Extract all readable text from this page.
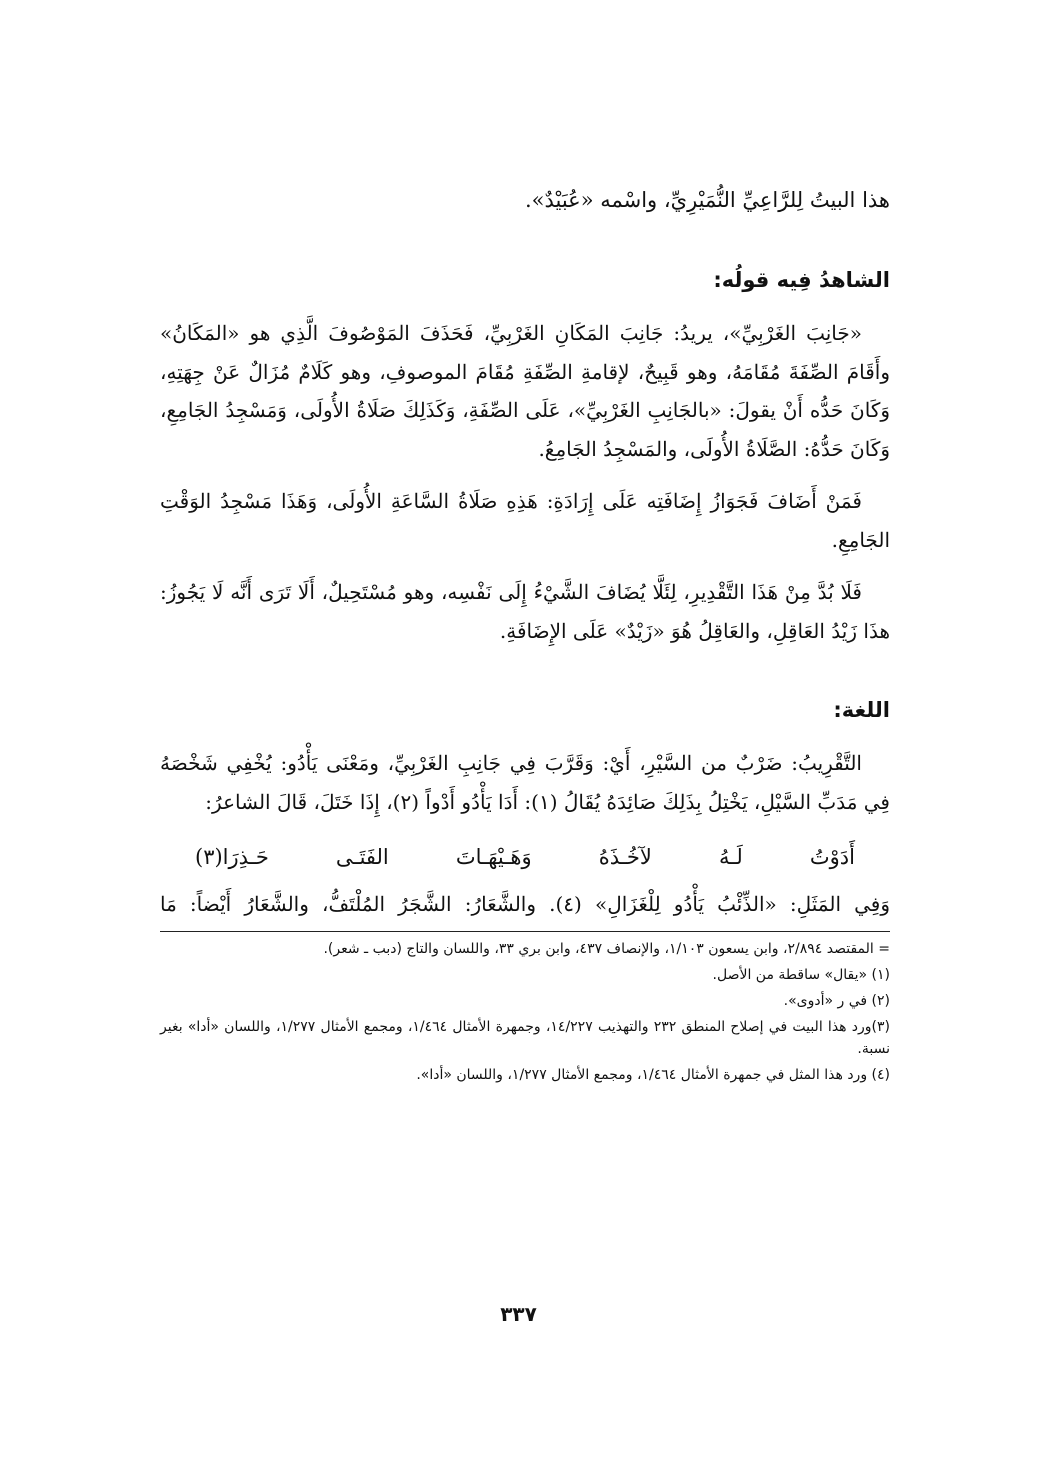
هذا البيتُ لِلرَّاعِيِّ النُّمَيْرِيِّ، واسْمه «عُبَيْدٌ».

الشاهدُ فِيه قولُه:

«جَانِبَ الغَرْبِيِّ»، يريدُ: جَانِبَ المَكَانِ الغَرْبِيِّ، فَحَذَفَ المَوْصُوفَ الَّذِي هو «المَكَانُ» وأَقَامَ الصِّفَةَ مُقَامَهُ، وهو قَبِيحٌ، لإقامةِ الصِّفَةِ مُقَامَ الموصوفِ، وهو كَلَامٌ مُزَالٌ عَنْ جِهَتِهِ، وَكَانَ حَدُّه أَنْ يقولَ: «بالجَانِبِ الغَرْبِيِّ»، عَلَى الصِّفَةِ، وَكَذَلِكَ صَلَاةُ الأُولَى، وَمَسْجِدُ الجَامِعِ، وَكَانَ حَدُّهُ: الصَّلَاةُ الأُولَى، والمَسْجِدُ الجَامِعُ.

فَمَنْ أَضَافَ فَجَوَازُ إِضَافَتِه عَلَى إِرَادَةِ: هَذِهِ صَلَاةُ السَّاعَةِ الأُولَى، وَهَذَا مَسْجِدُ الوَقْتِ الجَامِعِ.

فَلَا بُدَّ مِنْ هَذَا التَّقْدِيرِ، لِئَلَّا يُضَافَ الشَّيْءُ إِلَى نَفْسِه، وهو مُسْتَحِيلٌ، أَلَا تَرَى أَنَّه لَا يَجُوزُ: هذَا زَيْدُ العَاقِلِ، والعَاقِلُ هُوَ «زَيْدٌ» عَلَى الإِضَافَةِ.

اللغة:

التَّقْرِيبُ: ضَرْبٌ من السَّيْرِ، أَيْ: وَقَرَّبَ فِي جَانِبِ الغَرْبِيِّ، ومَعْنَى يَأْدُو: يُخْفِي شَخْصَهُ فِي مَدَبِّ السَّيْلِ، يَخْتِلُ بِذَلِكَ صَائِدَهُ يُقَالُ (١): أَدَا يَأْدُو أَدْواً (٢)، إِذَا خَتَلَ، قَالَ الشاعرُ:

أَدَوْتُ
لَـهُ
لآخُـذَهُ
وَهَـيْهَـاتَ
الفَتَـى
حَـذِرَا(٣)

وَفِي المَثَلِ: «الذِّئْبُ يَأْدُو لِلْغَزَالِ» (٤). والشَّعَارُ: الشَّجَرُ المُلْتَفُّ، والشَّعَارُ أَيْضاً: مَا

= المقتصد ٢/٨٩٤، وابن يسعون ١/١٠٣، والإنصاف ٤٣٧، وابن بري ٣٣، واللسان والتاج (دبب ـ شعر).

(١) «يقال» ساقطة من الأصل.

(٢) في ر «أدوى».

(٣)ورد هذا البيت في إصلاح المنطق ٢٣٢ والتهذيب ١٤/٢٢٧، وجمهرة الأمثال ١/٤٦٤، ومجمع الأمثال ١/٢٧٧، واللسان «أدا» بغير نسبة.

(٤) ورد هذا المثل في جمهرة الأمثال ١/٤٦٤، ومجمع الأمثال ١/٢٧٧، واللسان «أدا».

٣٣٧
